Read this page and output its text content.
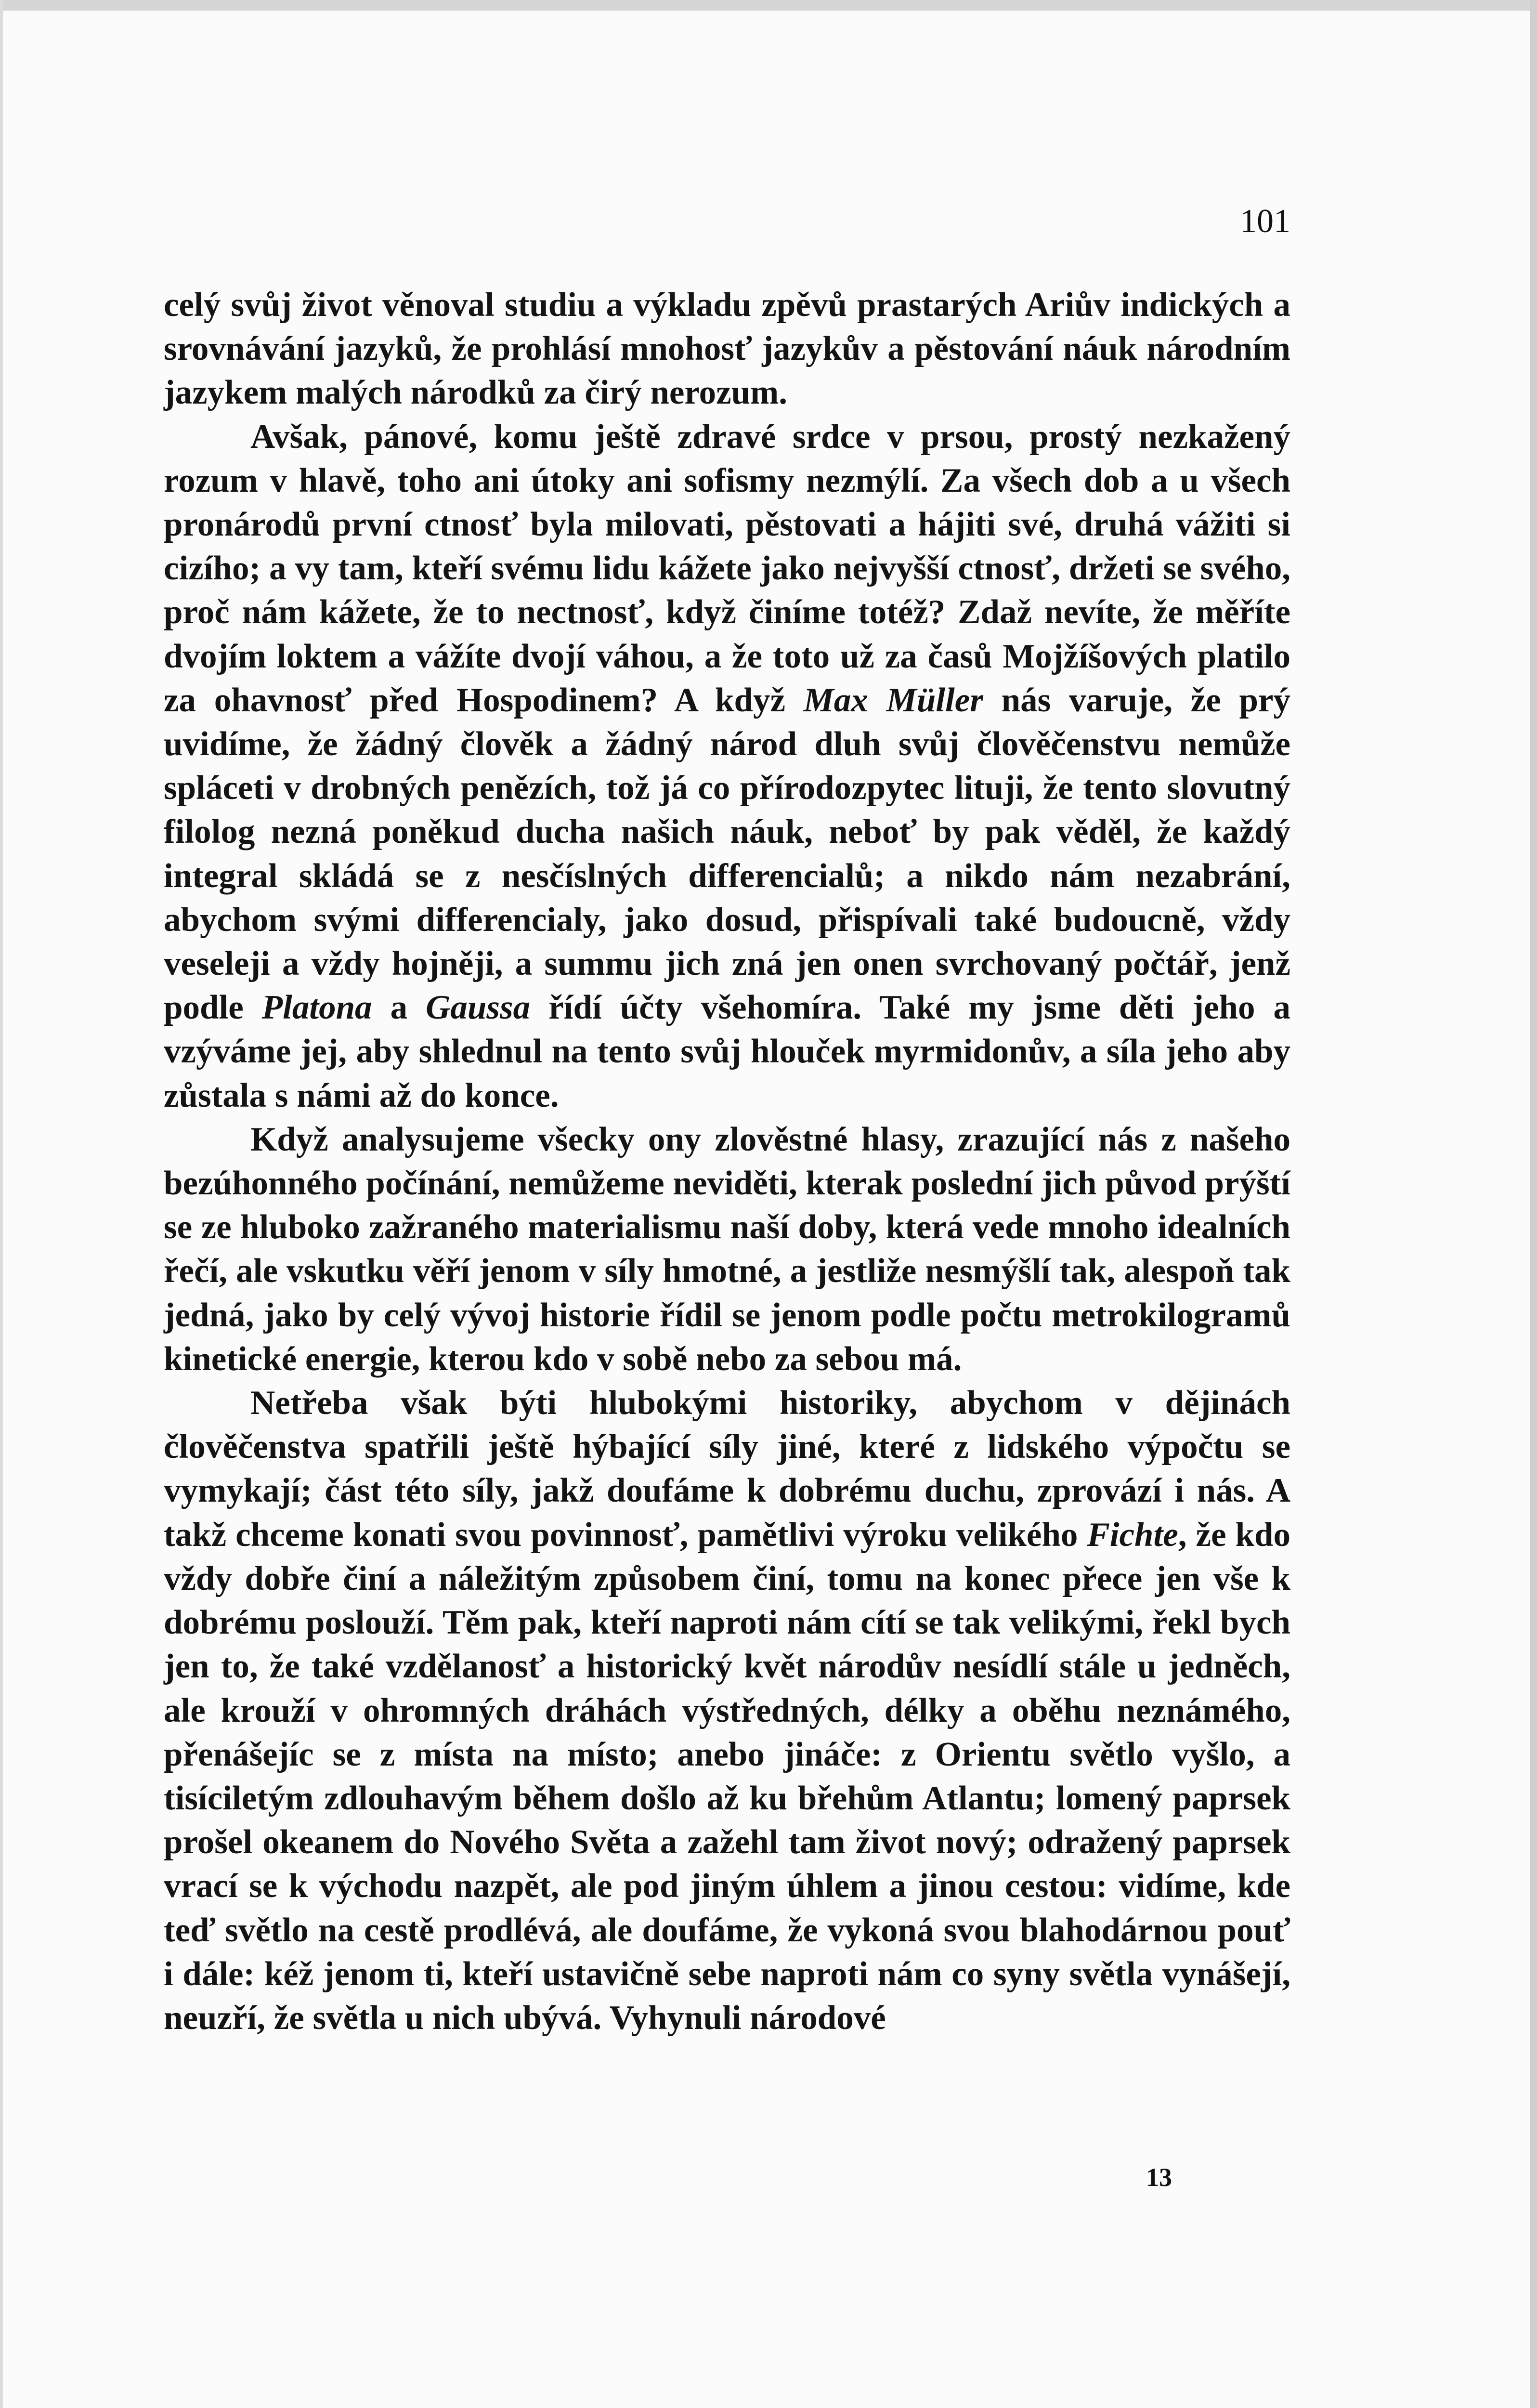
101

celý svůj život věnoval studiu a výkladu zpěvů prastarých Ariův indických a srovnávání jazyků, že prohlásí mnohosť jazykův a pěstování náuk národním jazykem malých národků za čirý nerozum.

Avšak, pánové, komu ještě zdravé srdce v prsou, prostý nezkažený rozum v hlavě, toho ani útoky ani sofismy nezmýlí. Za všech dob a u všech pronárodů první ctnosť byla milovati, pěstovati a hájiti své, druhá vážiti si cizího; a vy tam, kteří svému lidu kážete jako nejvyšší ctnosť, držeti se svého, proč nám kážete, že to nectnosť, když činíme totéž? Zdaž nevíte, že měříte dvojím loktem a vážíte dvojí váhou, a že toto už za časů Mojžíšových platilo za ohavnosť před Hospodinem? A když Max Müller nás varuje, že prý uvidíme, že žádný člověk a žádný národ dluh svůj člověčenstvu nemůže spláceti v drobných penězích, tož já co přírodozpytec lituji, že tento slovutný filolog nezná poněkud ducha našich náuk, neboť by pak věděl, že každý integral skládá se z nesčíslných differencialů; a nikdo nám nezabrání, abychom svými differencialy, jako dosud, přispívali také budoucně, vždy veseleji a vždy hojněji, a summu jich zná jen onen svrchovaný počtář, jenž podle Platona a Gaussa řídí účty všehomíra. Také my jsme děti jeho a vzýváme jej, aby shlednul na tento svůj hlouček myrmidonův, a síla jeho aby zůstala s námi až do konce.

Když analysujeme všecky ony zlověstné hlasy, zrazující nás z našeho bezúhonného počínání, nemůžeme neviděti, kterak poslední jich původ prýští se ze hluboko zažraného materialismu naší doby, která vede mnoho idealních řečí, ale vskutku věří jenom v síly hmotné, a jestliže nesmýšlí tak, alespoň tak jedná, jako by celý vývoj historie řídil se jenom podle počtu metrokilogramů kinetické energie, kterou kdo v sobě nebo za sebou má.

Netřeba však býti hlubokými historiky, abychom v dějinách člověčenstva spatřili ještě hýbající síly jiné, které z lidského výpočtu se vymykají; část této síly, jakž doufáme k dobrému duchu, zprovází i nás. A takž chceme konati svou povinnosť, pamětlivi výroku velikého Fichte, že kdo vždy dobře činí a náležitým způsobem činí, tomu na konec přece jen vše k dobrému poslouží. Těm pak, kteří naproti nám cítí se tak velikými, řekl bych jen to, že také vzdělanosť a historický květ národův nesídlí stále u jedněch, ale krouží v ohromných dráhách výstředných, délky a oběhu neznámého, přenášejíc se z místa na místo; anebo jináče: z Orientu světlo vyšlo, a tisíciletým zdlouhavým během došlo až ku břehům Atlantu; lomený paprsek prošel okeanem do Nového Světa a zažehl tam život nový; odražený paprsek vrací se k východu nazpět, ale pod jiným úhlem a jinou cestou: vidíme, kde teď světlo na cestě prodlévá, ale doufáme, že vykoná svou blahodárnou pouť i dále: kéž jenom ti, kteří ustavičně sebe naproti nám co syny světla vynášejí, neuzří, že světla u nich ubývá. Vyhynuli národové

13
